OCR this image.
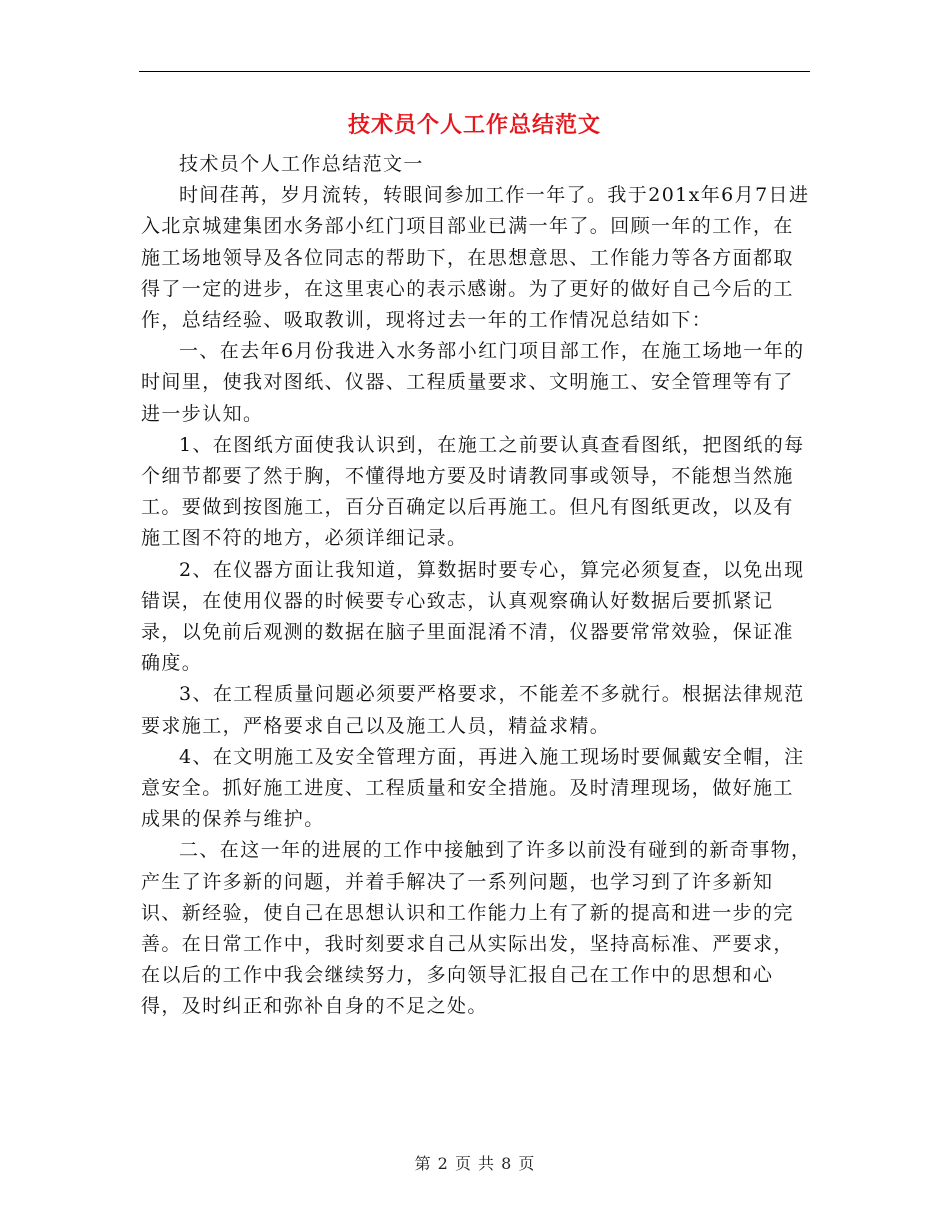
技术员个人工作总结范文

技术员个人工作总结范文一

时间荏苒，岁月流转，转眼间参加工作一年了。我于201x年6月7日进入北京城建集团水务部小红门项目部业已满一年了。回顾一年的工作，在施工场地领导及各位同志的帮助下，在思想意思、工作能力等各方面都取得了一定的进步，在这里衷心的表示感谢。为了更好的做好自己今后的工作，总结经验、吸取教训，现将过去一年的工作情况总结如下：

一、在去年6月份我进入水务部小红门项目部工作，在施工场地一年的时间里，使我对图纸、仪器、工程质量要求、文明施工、安全管理等有了进一步认知。

1、在图纸方面使我认识到，在施工之前要认真查看图纸，把图纸的每个细节都要了然于胸，不懂得地方要及时请教同事或领导，不能想当然施工。要做到按图施工，百分百确定以后再施工。但凡有图纸更改，以及有施工图不符的地方，必须详细记录。

2、在仪器方面让我知道，算数据时要专心，算完必须复查，以免出现错误，在使用仪器的时候要专心致志，认真观察确认好数据后要抓紧记录，以免前后观测的数据在脑子里面混淆不清，仪器要常常效验，保证准确度。

3、在工程质量问题必须要严格要求，不能差不多就行。根据法律规范要求施工，严格要求自己以及施工人员，精益求精。

4、在文明施工及安全管理方面，再进入施工现场时要佩戴安全帽，注意安全。抓好施工进度、工程质量和安全措施。及时清理现场，做好施工成果的保养与维护。

二、在这一年的进展的工作中接触到了许多以前没有碰到的新奇事物，产生了许多新的问题，并着手解决了一系列问题，也学习到了许多新知识、新经验，使自己在思想认识和工作能力上有了新的提高和进一步的完善。在日常工作中，我时刻要求自己从实际出发，坚持高标准、严要求，在以后的工作中我会继续努力，多向领导汇报自己在工作中的思想和心得，及时纠正和弥补自身的不足之处。

第 2 页 共 8 页
